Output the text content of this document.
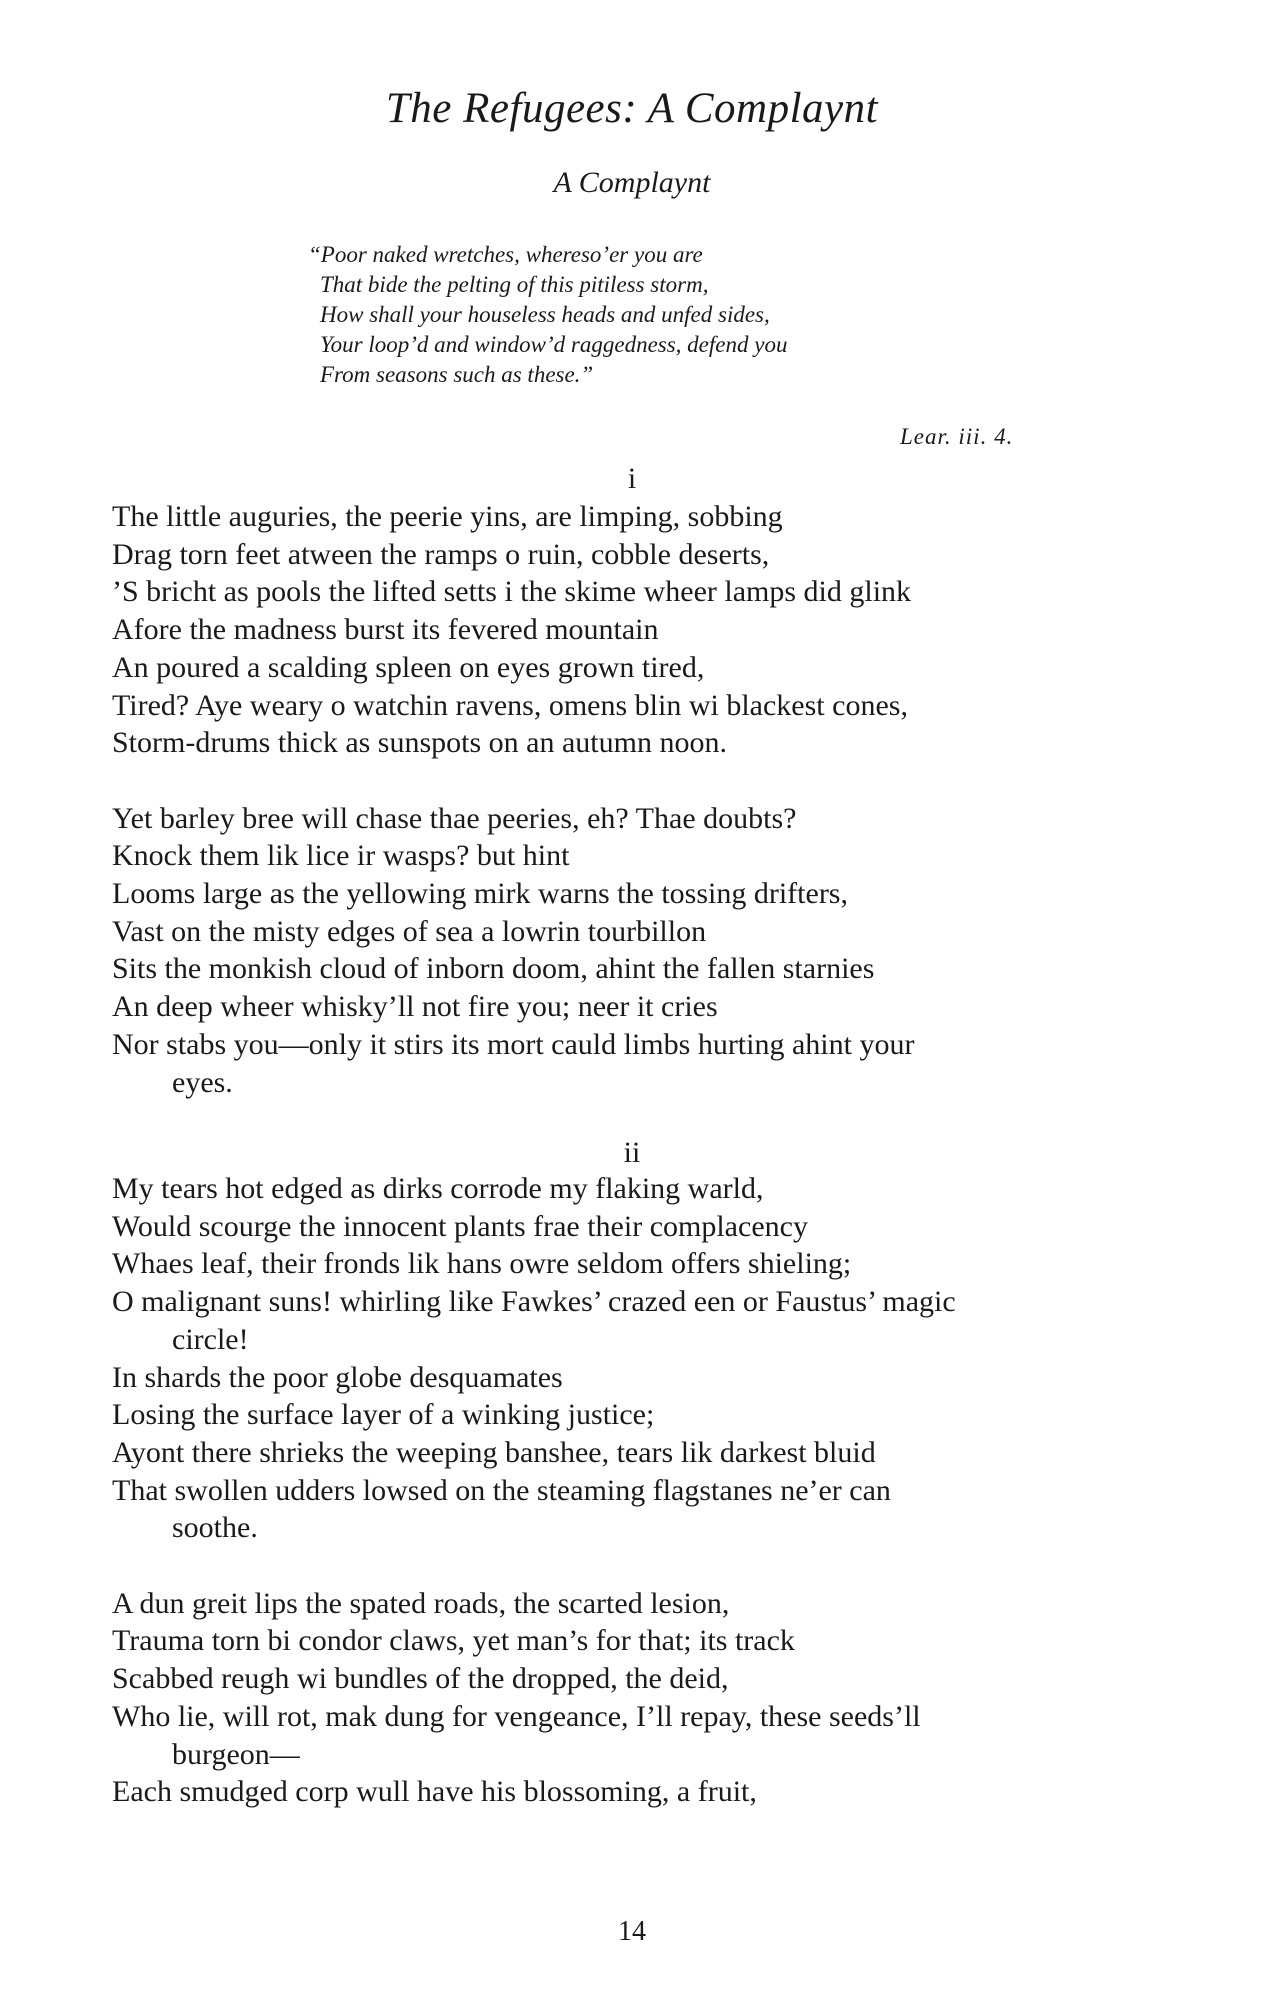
The Refugees: A Complaynt
A Complaynt
“Poor naked wretches, whereso’er you are
That bide the pelting of this pitiless storm,
How shall your houseless heads and unfed sides,
Your loop’d and window’d raggedness, defend you
From seasons such as these.”
Lear. iii. 4.
i
The little auguries, the peerie yins, are limping, sobbing
Drag torn feet atween the ramps o ruin, cobble deserts,
’S bricht as pools the lifted setts i the skime wheer lamps did glink
Afore the madness burst its fevered mountain
An poured a scalding spleen on eyes grown tired,
Tired? Aye weary o watchin ravens, omens blin wi blackest cones,
Storm-drums thick as sunspots on an autumn noon.
Yet barley bree will chase thae peeries, eh? Thae doubts?
Knock them lik lice ir wasps? but hint
Looms large as the yellowing mirk warns the tossing drifters,
Vast on the misty edges of sea a lowrin tourbillon
Sits the monkish cloud of inborn doom, ahint the fallen starnies
An deep wheer whisky’ll not fire you; neer it cries
Nor stabs you—only it stirs its mort cauld limbs hurting ahint your
eyes.
ii
My tears hot edged as dirks corrode my flaking warld,
Would scourge the innocent plants frae their complacency
Whaes leaf, their fronds lik hans owre seldom offers shieling;
O malignant suns! whirling like Fawkes’ crazed een or Faustus’ magic
circle!
In shards the poor globe desquamates
Losing the surface layer of a winking justice;
Ayont there shrieks the weeping banshee, tears lik darkest bluid
That swollen udders lowsed on the steaming flagstanes ne’er can
soothe.
A dun greit lips the spated roads, the scarted lesion,
Trauma torn bi condor claws, yet man’s for that; its track
Scabbed reugh wi bundles of the dropped, the deid,
Who lie, will rot, mak dung for vengeance, I’ll repay, these seeds’ll
burgeon—
Each smudged corp wull have his blossoming, a fruit,
14
